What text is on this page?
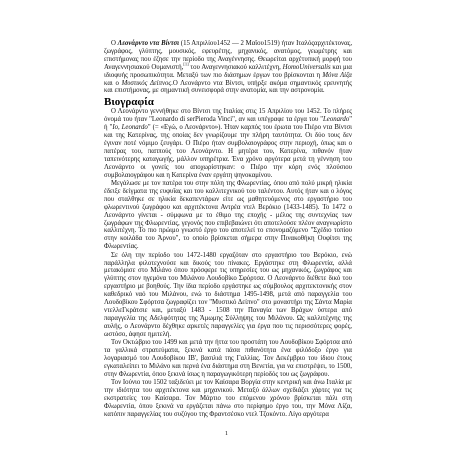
Ο Λεονάρντο ντα Βίντσι (15 Απριλίου1452 — 2 Μαΐου1519) ήταν Ιταλόςαρχιτέκτονας, ζωγράφος, γλύπτης, μουσικός, εφευρέτης, μηχανικός, ανατόμος, γεωμέτρης και επιστήμονας που έζησε την περίοδο της Αναγέννησης. Θεωρείται αρχέτυπική μορφή του Αναγεννησιακού Ουμανιστή,[1] του Αναγεννησιακού καλλιτέχνη, HomoUniversalis και μια ιδιοφυής προσωπικότητα. Μεταξύ των πιο διάσημων έργων του βρίσκονται η Μόνα Λίζα και ο Μυστικός Δείπνος.Ο Λεονάρντο ντα Βίντσι, υπήρξε ακόμα σημαντικός ερευνητής και επιστήμονας, με σημαντική συνεισφορά στην ανατομία, και την αστρονομία.

Βιογραφία

Ο Λεονάρντο γεννήθηκε στο Βίντσι της Ιταλίας στις 15 Απριλίου του 1452. Το πλήρες όνομά του ήταν "Leonardo di serPieroda Vinci", αν και υπέγραφε τα έργα του "Leonardo" ή "Io, Leonardo" (= «Εγώ, ο Λεονάρντο»). Ήταν καρπός του έρωτα του Πιέρο ντα Βίντσι και της Κατερίνας, της οποίας δεν γνωρίζουμε την πλήρη ταυτότητα. Οι δύο τους δεν έγιναν ποτέ νόμιμο ζευγάρι. Ο Πιέρο ήταν συμβολαιογράφος στην περιοχή, όπως και ο πατέρας του, παππούς του Λεονάρντο. Η μητέρα του, Κατερίνα, πιθανόν ήταν ταπεινότερης καταγωγής, μάλλον υπηρέτρια. Ένα χρόνο αργότερα μετά τη γέννηση του Λεονάρντο οι γονείς του αποχωρίστηκαν: ο Πιέρο την κόρη ενός πλούσιου συμβολαιογράφου και η Κατερίνα έναν εργάτη ψηνοκαμίνου.

Μεγάλωσε με τον πατέρα του στην πόλη της Φλωρεντίας, όπου από πολύ μικρή ηλικία έδειξε δείγματα της ευφυΐας και του καλλιτεχνικού του ταλέντου. Αυτός ήταν και ο λόγος που σταλθηκε σε ηλικία δεκαπεντάρων είτε ως μαθητευόμενος στο εργαστήριο του φλωρεντινού ζωγράφου και αρχιτέκτονα Αντρέα ντελ Βερόκιο (1433-1485). Το 1472 ο Λεονάρντο γίνεται - σύμφωνα με το έθιμο της εποχής - μέλος της συντεχνίας των ζωγράφων της Φλωρεντίας, γεγονός που επιβεβαιώνει ότι αποτελούσε πλέον αναγνωρίστο καλλιτέχνη. Το πιο πρώιμο γνωστό έργο του αποτελεί το επονομαζόμενο "Σχέδιο τοπίου στην κοιλάδα του Άρνου", το οποίο βρίσκεται σήμερα στην Πινακοθήκη Ουφίτσι της Φλωρεντίας.

Σε όλη την περίοδο του 1472-1480 εργαζόταν στο εργαστήριο του Βερόκιο, ενώ παράλληλα φιλοτεχνούσε και δικούς του πίνακες. Εργάστηκε στη Φλωρεντία, αλλά μετακόμισε στο Μιλάνο όπου πρόσφερε τις υπηρεσίες του ως μηχανικός, ζωγράφος και γλύπτης στον ηγεμόνα του Μιλάνου Λουδοβίκο Σφόρτσα. Ο Λεονάρντο διέθετε δικό του εργαστήριο με βοηθούς. Την ίδια περίοδο εργάστηκε ως σύμβουλος αρχιτεκτονικής στον καθεδρικό ναό του Μιλάνου, ενώ το διάστημα 1495-1498, μετά από παραγγελία του Λουδοβίκου Σφόρτσα ζωγραφίζει τον "Μυστικό Δείπνο" στο μοναστήρι της Σάντα Μαρία ντελλεΓκράτσιε και, μεταξύ 1483 - 1508 την Παναγία των Βράχων ύστερα από παραγγελία της Αδελφότητας της Άμωμης Σύλληψης του Μιλάνου. Ως καλλιτέχνης της αυλής, ο Λεονάρντο δέχθηκε αρκετές παραγγελίες για έργα που τις περισσότερες φορές, ωστόσο, άφησε ημιτελή.

Τον Οκτώβριο του 1499 και μετά την ήττα του προστάτη του Λουδοβίκου Σφόρτσα από τα γαλλικά στρατεύματα, ξεκινά κατά πάσα πιθανότητα ένα φιλόδοξο έργο για λογαριασμό του Λουδοβίκου ΙΒ', βασιλιά της Γαλλίας. Τον Δεκέμβριο του ίδιου έτους εγκαταλείπει το Μιλάνο και περνά ένα διάστημα στη Βενετία, για να επιστρέψει, το 1500, στην Φλωρεντία, όπου ξεκινά ίσως η παραγωγικότερη περίοδός του ως ζωγράφου.

Τον Ιούνιο του 1502 ταξιδεύει με τον Καίσαρα Βοργία στην κεντρική και άνω Ιταλία με την ιδιότητα του αρχιτέκτονα και μηχανικού. Μεταξύ άλλων σχεδιάζει χάρτες για τις εκστρατείες του Καίσαρα. Τον Μάρτιο του επόμενου χρόνου βρίσκεται πάλι στη Φλωρεντία, όπου ξεκινά να εργάζεται πάνω στο περίφημο έργο του, την Μόνα Λίζα, κατόπιν παραγγελίας του συζύγου της Φραντσέσκο ντελ Τζοκόντο. Λίγο αργότερα

1
